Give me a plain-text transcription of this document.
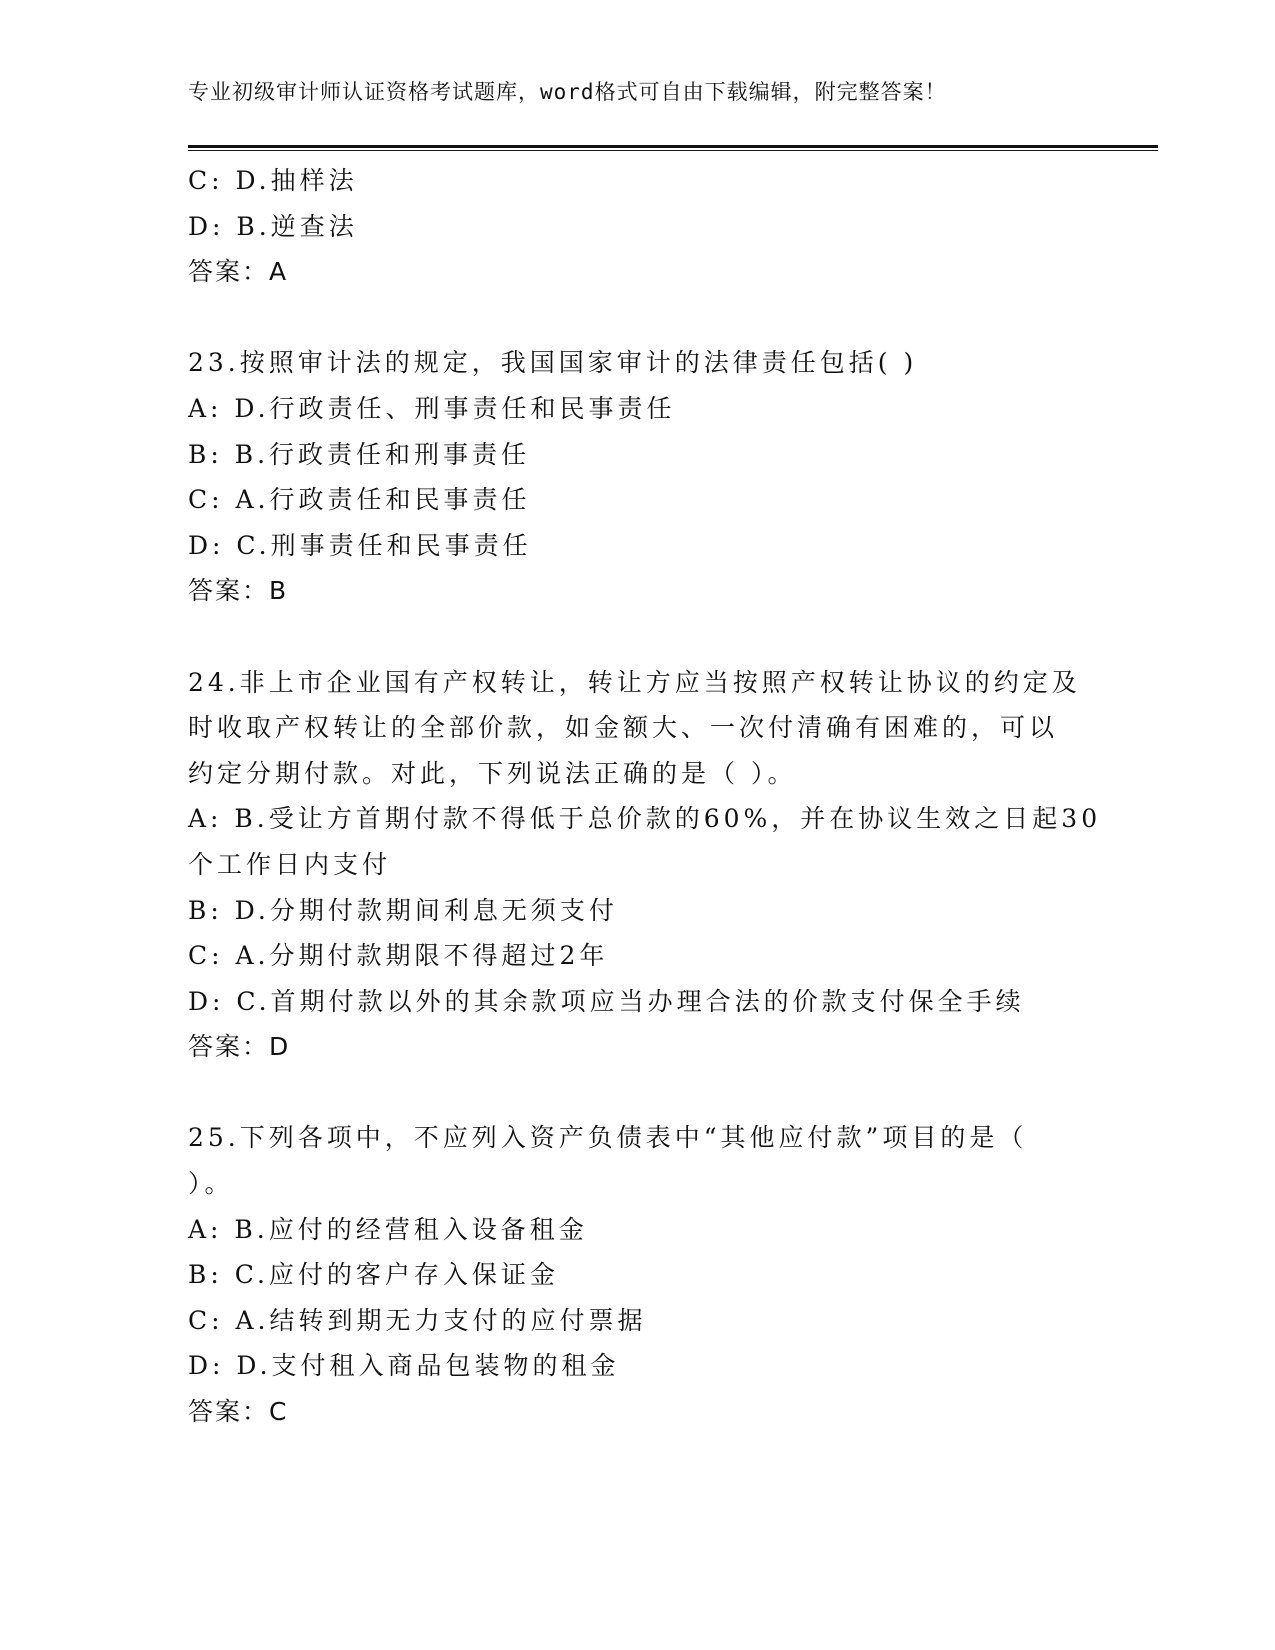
专业初级审计师认证资格考试题库，word格式可自由下载编辑，附完整答案！
C: D.抽样法
D: B.逆查法
答案：A
23.按照审计法的规定，我国国家审计的法律责任包括( )
A: D.行政责任、刑事责任和民事责任
B: B.行政责任和刑事责任
C: A.行政责任和民事责任
D: C.刑事责任和民事责任
答案：B
24.非上市企业国有产权转让，转让方应当按照产权转让协议的约定及
时收取产权转让的全部价款，如金额大、一次付清确有困难的，可以
约定分期付款。对此，下列说法正确的是（ ）。
A: B.受让方首期付款不得低于总价款的60%，并在协议生效之日起30
个工作日内支付
B: D.分期付款期间利息无须支付
C: A.分期付款期限不得超过2年
D: C.首期付款以外的其余款项应当办理合法的价款支付保全手续
答案：D
25.下列各项中，不应列入资产负债表中“其他应付款”项目的是（
）。
A: B.应付的经营租入设备租金
B: C.应付的客户存入保证金
C: A.结转到期无力支付的应付票据
D: D.支付租入商品包装物的租金
答案：C
